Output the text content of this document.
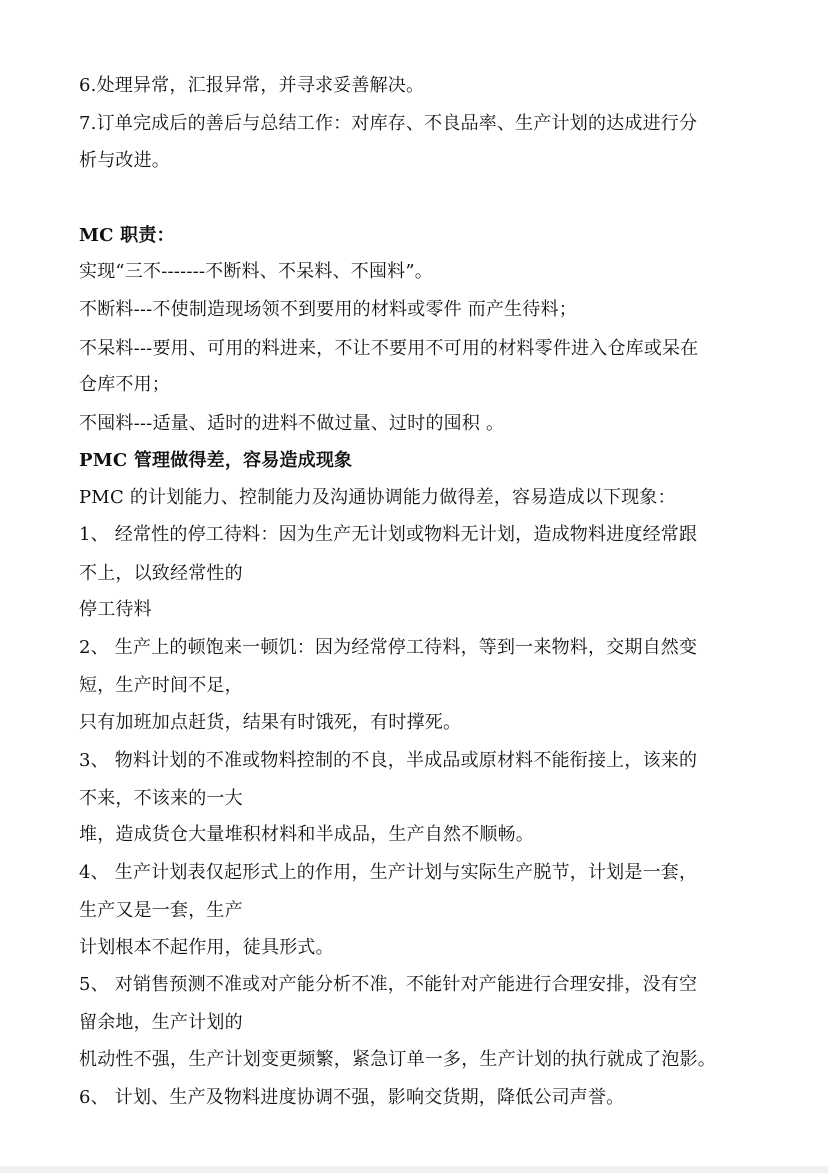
6.处理异常，汇报异常，并寻求妥善解决。
7.订单完成后的善后与总结工作：对库存、不良品率、生产计划的达成进行分
析与改进。
MC 职责：
实现“三不-------不断料、不呆料、不囤料”。
不断料---不使制造现场领不到要用的材料或零件 而产生待料；
不呆料---要用、可用的料进来，不让不要用不可用的材料零件进入仓库或呆在
仓库不用；
不囤料---适量、适时的进料不做过量、过时的囤积 。
PMC 管理做得差，容易造成现象
PMC 的计划能力、控制能力及沟通协调能力做得差，容易造成以下现象：
1、 经常性的停工待料：因为生产无计划或物料无计划，造成物料进度经常跟
不上，以致经常性的
停工待料
2、 生产上的顿饱来一顿饥：因为经常停工待料，等到一来物料，交期自然变
短，生产时间不足，
只有加班加点赶货，结果有时饿死，有时撑死。
3、 物料计划的不准或物料控制的不良，半成品或原材料不能衔接上，该来的
不来，不该来的一大
堆，造成货仓大量堆积材料和半成品，生产自然不顺畅。
4、 生产计划表仅起形式上的作用，生产计划与实际生产脱节，计划是一套，
生产又是一套，生产
计划根本不起作用，徒具形式。
5、 对销售预测不准或对产能分析不准，不能针对产能进行合理安排，没有空
留余地，生产计划的
机动性不强，生产计划变更频繁，紧急订单一多，生产计划的执行就成了泡影。
6、 计划、生产及物料进度协调不强，影响交货期，降低公司声誉。
